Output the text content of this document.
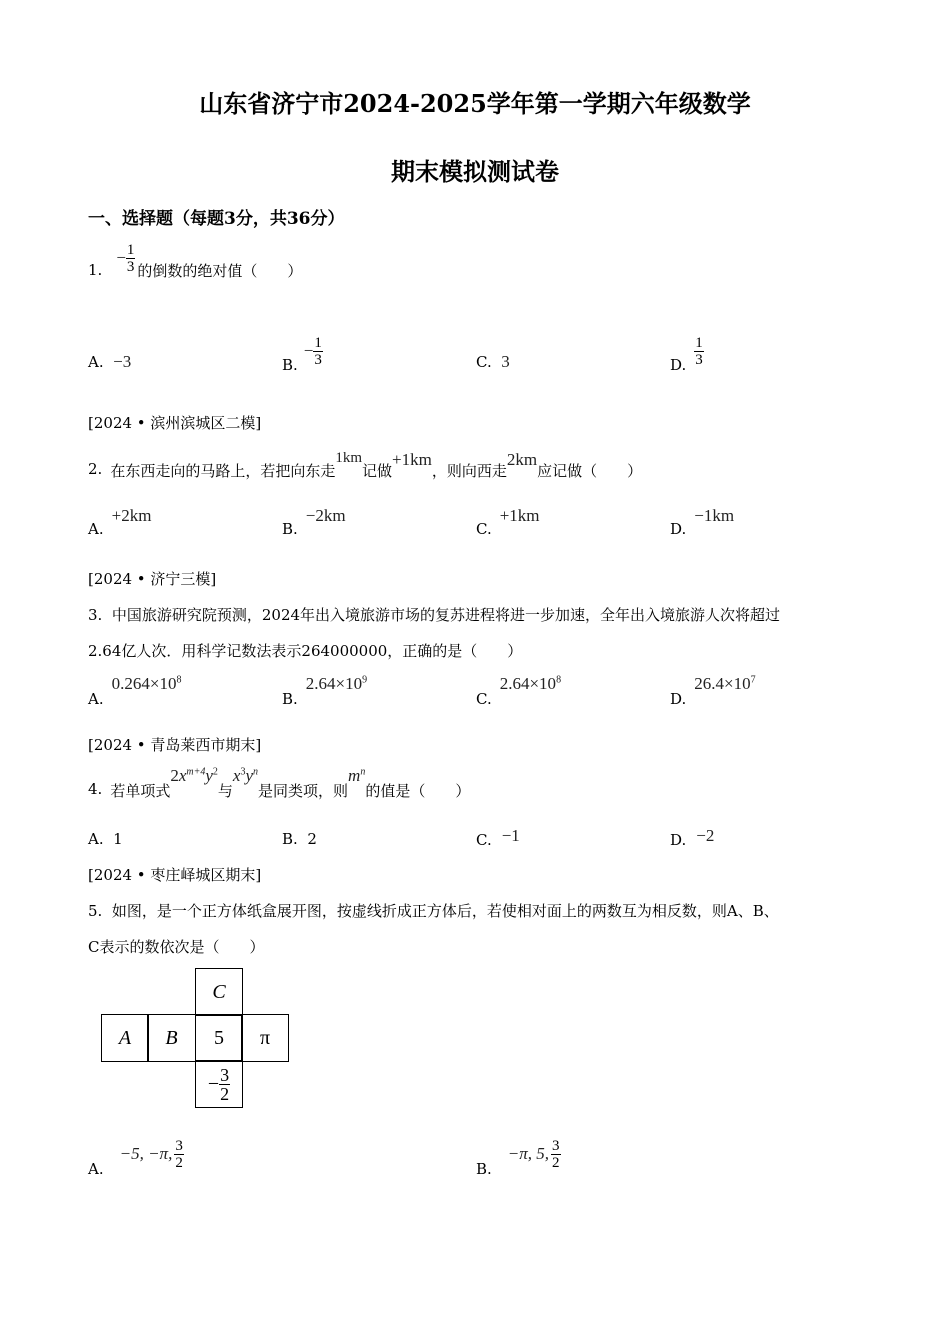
山东省济宁市2024-2025学年第一学期六年级数学
期末模拟测试卷
一、选择题（每题3分，共36分）
1.
− $\frac{1}{3}$ 的倒数的绝对值（　　）
A. −3	B.
− $\frac{1}{3}$	C. 3	D. $\frac{1}{3}$
[2024 • 滨州滨城区二模]
2. 在东西走向的马路上，若把向东走
1km
记做
+1km
，则向西走
2km
应记做（　　）
A.
+2km
B.
−2km
C.
+1km
D.
−1km
[2024 • 济宁三模]
3. 中国旅游研究院预测，2024年出入境旅游市场的复苏进程将进一步加速，全年出入境旅游人次将超过
2.64亿人次．用科学记数法表示264000000，正确的是（　　）
A.
$0.264\times 10^8$
B.
$2.64\times 10^9$
C.
$2.64\times 10^8$
D.
$26.4\times 10^7$
[2024 • 青岛莱西市期末]
4. 若单项式
$2x^{m+4}y^2$
与
$x^3y^n$
是同类项，则
$m^n$
的值是（　　）
A. 1	B. 2	C. −1	D. −2
[2024 • 枣庄峄城区期末]
5. 如图，是一个正方体纸盒展开图，按虚线折成正方体后，若使相对面上的两数互为相反数，则A、B、
C表示的数依次是（　　）
C
A	B	5	π
− $\frac{3}{2}$
A.
−5, −π, $\frac{3}{2}$	B.
−π, 5, $\frac{3}{2}$
